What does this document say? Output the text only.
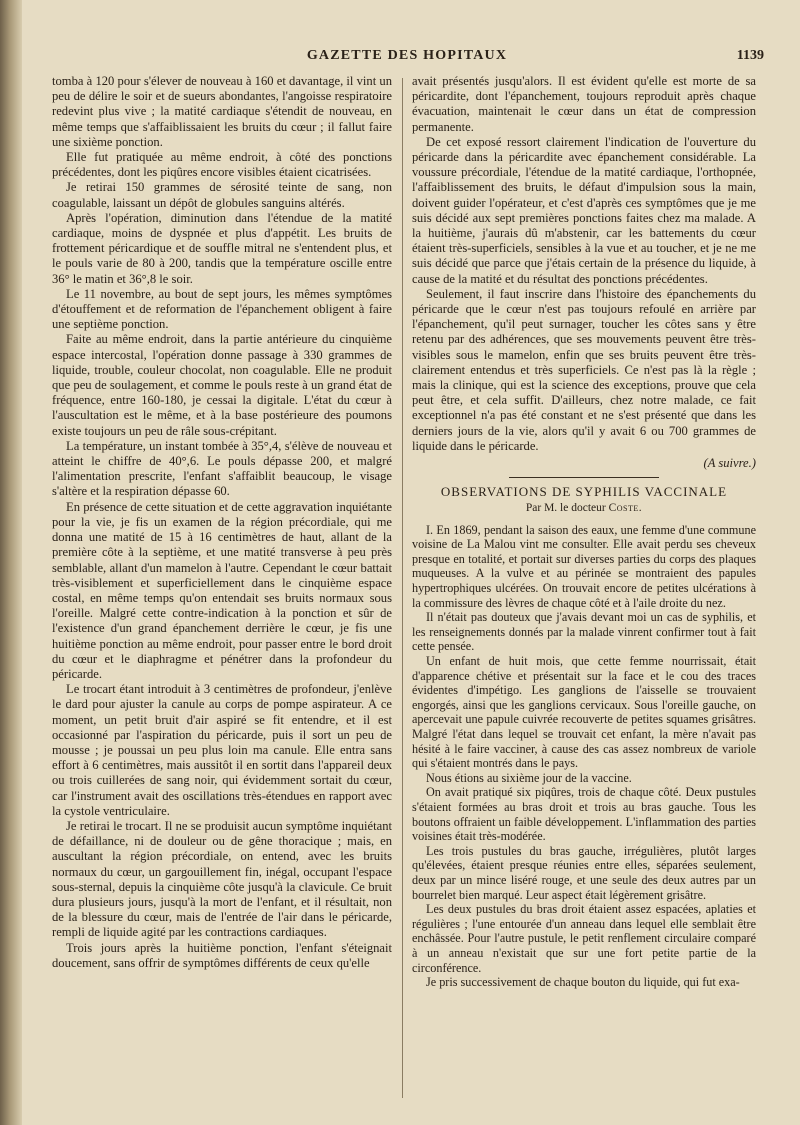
GAZETTE DES HOPITAUX	1139

tomba à 120 pour s'élever de nouveau à 160 et davantage, il vint un peu de délire le soir et de sueurs abondantes, l'angoisse respiratoire redevint plus vive ; la matité cardiaque s'étendit de nouveau, en même temps que s'affaiblissaient les bruits du cœur ; il fallut faire une sixième ponction.

Elle fut pratiquée au même endroit, à côté des ponctions précédentes, dont les piqûres encore visibles étaient cicatrisées.

Je retirai 150 grammes de sérosité teinte de sang, non coagulable, laissant un dépôt de globules sanguins altérés.

Après l'opération, diminution dans l'étendue de la matité cardiaque, moins de dyspnée et plus d'appétit. Les bruits de frottement péricardique et de souffle mitral ne s'entendent plus, et le pouls varie de 80 à 200, tandis que la température oscille entre 36° le matin et 36°,8 le soir.

Le 11 novembre, au bout de sept jours, les mêmes symptômes d'étouffement et de reformation de l'épanchement obligent à faire une septième ponction.

Faite au même endroit, dans la partie antérieure du cinquième espace intercostal, l'opération donne passage à 330 grammes de liquide, trouble, couleur chocolat, non coagulable. Elle ne produit que peu de soulagement, et comme le pouls reste à un grand état de fréquence, entre 160-180, je cessai la digitale. L'état du cœur à l'auscultation est le même, et à la base postérieure des poumons existe toujours un peu de râle sous-crépitant.

La température, un instant tombée à 35°,4, s'élève de nouveau et atteint le chiffre de 40°,6. Le pouls dépasse 200, et malgré l'alimentation prescrite, l'enfant s'affaiblit beaucoup, le visage s'altère et la respiration dépasse 60.

En présence de cette situation et de cette aggravation inquiétante pour la vie, je fis un examen de la région précordiale, qui me donna une matité de 15 à 16 centimètres de haut, allant de la première côte à la septième, et une matité transverse à peu près semblable, allant d'un mamelon à l'autre. Cependant le cœur battait très-visiblement et superficiellement dans le cinquième espace costal, en même temps qu'on entendait ses bruits normaux sous l'oreille. Malgré cette contre-indication à la ponction et sûr de l'existence d'un grand épanchement derrière le cœur, je fis une huitième ponction au même endroit, pour passer entre le bord droit du cœur et le diaphragme et pénétrer dans la profondeur du péricarde.

Le trocart étant introduit à 3 centimètres de profondeur, j'enlève le dard pour ajuster la canule au corps de pompe aspirateur. A ce moment, un petit bruit d'air aspiré se fit entendre, et il est occasionné par l'aspiration du péricarde, puis il sort un peu de mousse ; je poussai un peu plus loin ma canule. Elle entra sans effort à 6 centimètres, mais aussitôt il en sortit dans l'appareil deux ou trois cuillerées de sang noir, qui évidemment sortait du cœur, car l'instrument avait des oscillations très-étendues en rapport avec la cystole ventriculaire.

Je retirai le trocart. Il ne se produisit aucun symptôme inquiétant de défaillance, ni de douleur ou de gêne thoracique ; mais, en auscultant la région précordiale, on entend, avec les bruits normaux du cœur, un gargouillement fin, inégal, occupant l'espace sous-sternal, depuis la cinquième côte jusqu'à la clavicule. Ce bruit dura plusieurs jours, jusqu'à la mort de l'enfant, et il résultait, non de la blessure du cœur, mais de l'entrée de l'air dans le péricarde, rempli de liquide agité par les contractions cardiaques.

Trois jours après la huitième ponction, l'enfant s'éteignait doucement, sans offrir de symptômes différents de ceux qu'elle

avait présentés jusqu'alors. Il est évident qu'elle est morte de sa péricardite, dont l'épanchement, toujours reproduit après chaque évacuation, maintenait le cœur dans un état de compression permanente.

De cet exposé ressort clairement l'indication de l'ouverture du péricarde dans la péricardite avec épanchement considérable. La voussure précordiale, l'étendue de la matité cardiaque, l'orthopnée, l'affaiblissement des bruits, le défaut d'impulsion sous la main, doivent guider l'opérateur, et c'est d'après ces symptômes que je me suis décidé aux sept premières ponctions faites chez ma malade. A la huitième, j'aurais dû m'abstenir, car les battements du cœur étaient très-superficiels, sensibles à la vue et au toucher, et je ne me suis décidé que parce que j'étais certain de la présence du liquide, à cause de la matité et du résultat des ponctions précédentes.

Seulement, il faut inscrire dans l'histoire des épanchements du péricarde que le cœur n'est pas toujours refoulé en arrière par l'épanchement, qu'il peut surnager, toucher les côtes sans y être retenu par des adhérences, que ses mouvements peuvent être très-visibles sous le mamelon, enfin que ses bruits peuvent être très-clairement entendus et très superficiels. Ce n'est pas là la règle ; mais la clinique, qui est la science des exceptions, prouve que cela peut être, et cela suffit. D'ailleurs, chez notre malade, ce fait exceptionnel n'a pas été constant et ne s'est présenté que dans les derniers jours de la vie, alors qu'il y avait 6 ou 700 grammes de liquide dans le péricarde.

(A suivre.)
OBSERVATIONS DE SYPHILIS VACCINALE
Par M. le docteur Coste.

I. En 1869, pendant la saison des eaux, une femme d'une commune voisine de La Malou vint me consulter. Elle avait perdu ses cheveux presque en totalité, et portait sur diverses parties du corps des plaques muqueuses. A la vulve et au périnée se montraient des papules hypertrophiques ulcérées. On trouvait encore de petites ulcérations à la commissure des lèvres de chaque côté et à l'aile droite du nez.

Il n'était pas douteux que j'avais devant moi un cas de syphilis, et les renseignements donnés par la malade vinrent confirmer tout à fait cette pensée.

Un enfant de huit mois, que cette femme nourrissait, était d'apparence chétive et présentait sur la face et le cou des traces évidentes d'impétigo. Les ganglions de l'aisselle se trouvaient engorgés, ainsi que les ganglions cervicaux. Sous l'oreille gauche, on apercevait une papule cuivrée recouverte de petites squames grisâtres. Malgré l'état dans lequel se trouvait cet enfant, la mère n'avait pas hésité à le faire vacciner, à cause des cas assez nombreux de variole qui s'étaient montrés dans le pays.

Nous étions au sixième jour de la vaccine.

On avait pratiqué six piqûres, trois de chaque côté. Deux pustules s'étaient formées au bras droit et trois au bras gauche. Tous les boutons offraient un faible développement. L'inflammation des parties voisines était très-modérée.

Les trois pustules du bras gauche, irrégulières, plutôt larges qu'élevées, étaient presque réunies entre elles, séparées seulement, deux par un mince liséré rouge, et une seule des deux autres par un bourrelet bien marqué. Leur aspect était légèrement grisâtre.

Les deux pustules du bras droit étaient assez espacées, aplaties et régulières ; l'une entourée d'un anneau dans lequel elle semblait être enchâssée. Pour l'autre pustule, le petit renflement circulaire comparé à un anneau n'existait que sur une fort petite partie de la circonférence.

Je pris successivement de chaque bouton du liquide, qui fut exa-
